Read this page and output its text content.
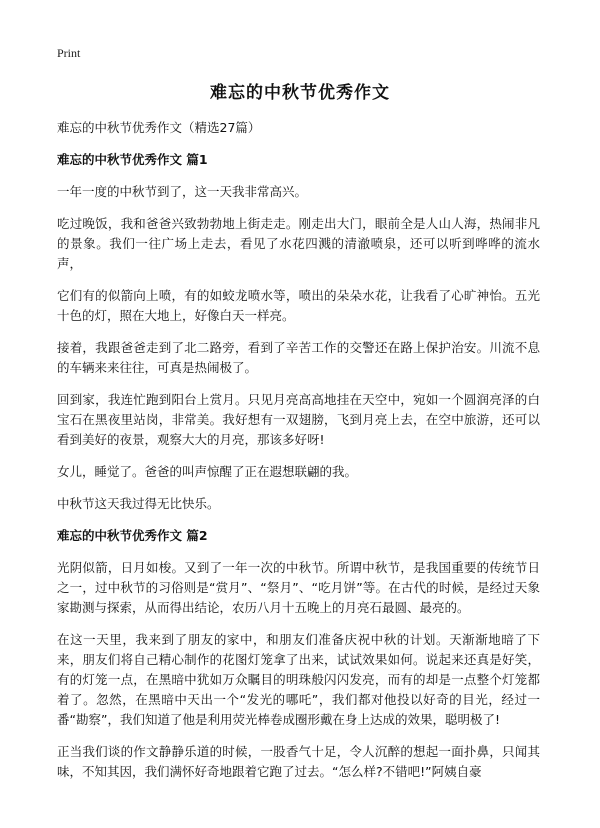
Print
难忘的中秋节优秀作文
难忘的中秋节优秀作文（精选27篇）
难忘的中秋节优秀作文 篇1

一年一度的中秋节到了，这一天我非常高兴。

吃过晚饭，我和爸爸兴致勃勃地上街走走。刚走出大门，眼前全是人山人海，热闹非凡的景象。我们一往广场上走去，看见了水花四溅的清澈喷泉，还可以听到哗哗的流水声，

它们有的似箭向上喷，有的如蛟龙喷水等，喷出的朵朵水花，让我看了心旷神怡。五光十色的灯，照在大地上，好像白天一样亮。

接着，我跟爸爸走到了北二路旁，看到了辛苦工作的交警还在路上保护治安。川流不息的车辆来来往往，可真是热闹极了。

回到家，我连忙跑到阳台上赏月。只见月亮高高地挂在天空中，宛如一个圆润亮泽的白宝石在黑夜里站岗，非常美。我好想有一双翅膀，飞到月亮上去，在空中旅游，还可以看到美好的夜景，观察大大的月亮，那该多好呀!

女儿，睡觉了。爸爸的叫声惊醒了正在遐想联翩的我。

中秋节这天我过得无比快乐。

难忘的中秋节优秀作文 篇2

光阴似箭，日月如梭。又到了一年一次的中秋节。所谓中秋节，是我国重要的传统节日之一，过中秋节的习俗则是“赏月”、“祭月”、“吃月饼”等。在古代的时候，是经过天象家勘测与探索，从而得出结论，农历八月十五晚上的月亮石最圆、最亮的。

在这一天里，我来到了朋友的家中，和朋友们准备庆祝中秋的计划。天渐渐地暗了下来，朋友们将自己精心制作的花图灯笼拿了出来，试试效果如何。说起来还真是好笑，有的灯笼一点，在黑暗中犹如万众瞩目的明珠般闪闪发亮，而有的却是一点整个灯笼都着了。忽然，在黑暗中天出一个“发光的哪吒”，我们都对他投以好奇的目光，经过一番“勘察”，我们知道了他是利用荧光棒卷成圈形戴在身上达成的效果，聪明极了!

正当我们谈的作文静静乐道的时候，一股香气十足，令人沉醉的想起一面扑鼻，只闻其味，不知其因，我们满怀好奇地跟着它跑了过去。“怎么样?不错吧!”阿姨自豪
